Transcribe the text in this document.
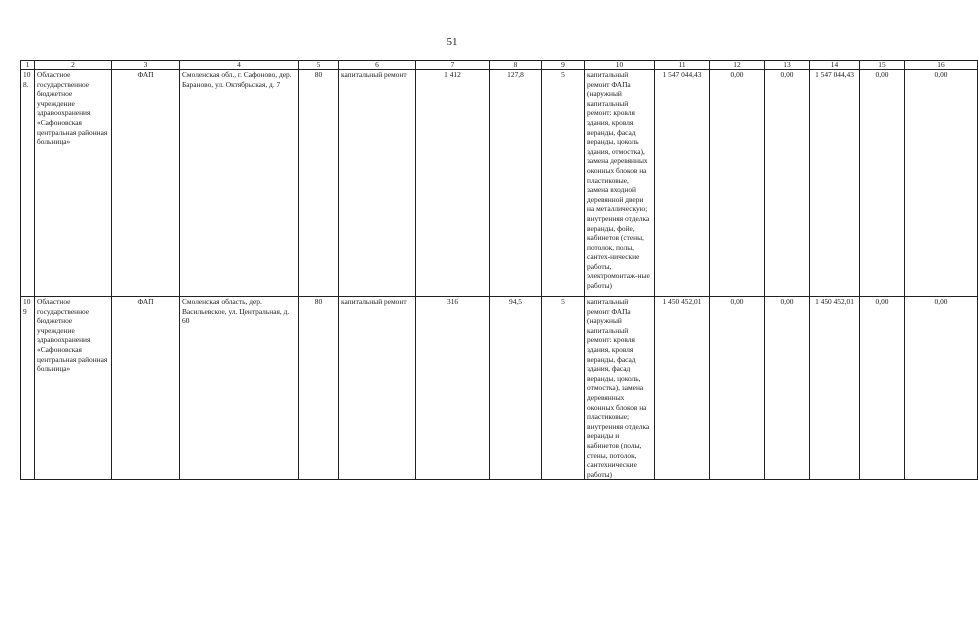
51
1	2	3	4	5	6	7	8	9	10	11	12	13	14	15	16
108.	Областное государственное бюджетное учреждение здравоохранения «Сафоновская центральная районная больница»	ФАП	Смоленская обл., г. Сафоново, дер. Бараново, ул. Октябрьская, д. 7	80	капитальный ремонт	1 412	127,8	5	капитальный ремонт ФАПа (наружный капитальный ремонт: кровля здания, кровля веранды, фасад веранды, цоколь здания, отмостка), замена деревянных оконных блоков на пластиковые, замена входной деревянной двери на металлическую; внутренняя отделка веранды, фойе, кабинетов (стены, потолок, полы, сантех-нические работы, электромонтаж-ные работы)	1 547 044,43	0,00	0,00	1 547 044,43	0,00	0,00
109	Областное государственное бюджетное учреждение здравоохранения «Сафоновская центральная районная больница»	ФАП	Смоленская область, дер. Васильевское, ул. Центральная, д. 60	80	капитальный ремонт	316	94,5	5	капитальный ремонт ФАПа (наружный капитальный ремонт: кровля здания, кровля веранды, фасад здания, фасад веранды, цоколь, отмостка), замена деревянных оконных блоков на пластиковые; внутренняя отделка веранды и кабинетов (полы, стены, потолок, сантехнические работы)	1 450 452,01	0,00	0,00	1 450 452,01	0,00	0,00
